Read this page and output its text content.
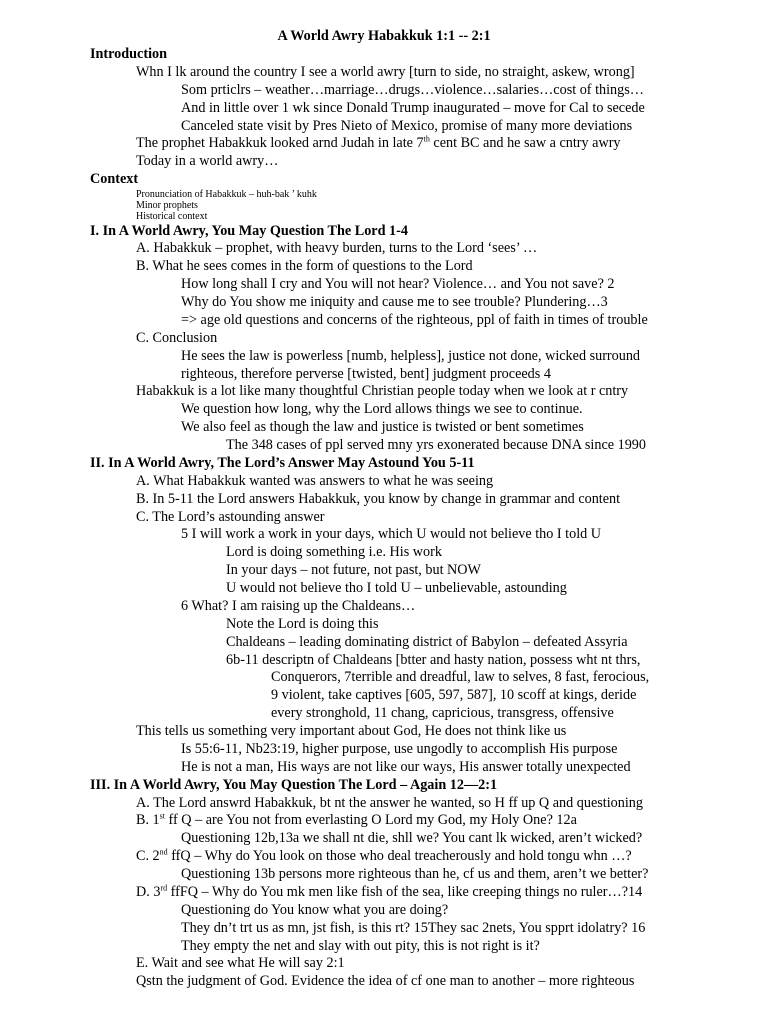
A World Awry Habakkuk 1:1 -- 2:1
Introduction
Whn I lk around the country I see a world awry [turn to side, no straight, askew, wrong]
Som prticlrs – weather…marriage…drugs…violence…salaries…cost of things…
And in little over 1 wk since Donald Trump inaugurated – move for Cal to secede
Canceled state visit by Pres Nieto of Mexico, promise of many more deviations
The prophet Habakkuk looked arnd Judah in late 7th cent BC and he saw a cntry awry
Today in a world awry…
Context
Pronunciation of Habakkuk – huh-bak ’ kuhk
Minor prophets
Historical context
I. In A World Awry, You May Question The Lord 1-4
A. Habakkuk – prophet, with heavy burden, turns to the Lord ‘sees’ …
B. What he sees comes in the form of questions to the Lord
How long shall I cry and You will not hear? Violence… and You not save? 2
Why do You show me iniquity and cause me to see trouble? Plundering…3
=> age old questions and concerns of the righteous, ppl of faith in times of trouble
C. Conclusion
He sees the law is powerless [numb, helpless], justice not done, wicked surround
righteous, therefore perverse [twisted, bent] judgment proceeds 4
Habakkuk is a lot like many thoughtful Christian people today when we look at r cntry
We question how long, why the Lord allows things we see to continue.
We also feel as though the law and justice is twisted or bent sometimes
The 348 cases of ppl served mny yrs exonerated because DNA since 1990
II. In A World Awry, The Lord’s Answer May Astound You 5-11
A. What Habakkuk wanted was answers to what he was seeing
B. In 5-11 the Lord answers Habakkuk, you know by change in grammar and content
C. The Lord’s astounding answer
5 I will work a work in your days, which U would not believe tho I told U
Lord is doing something i.e. His work
In your days – not future, not past, but NOW
U would not believe tho I told U – unbelievable, astounding
6 What? I am raising up the Chaldeans…
Note the Lord is doing this
Chaldeans – leading dominating district of Babylon – defeated Assyria
6b-11 descriptn of Chaldeans [btter and hasty nation, possess wht nt thrs,
Conquerors, 7terrible and dreadful, law to selves, 8 fast, ferocious,
9 violent, take captives [605, 597, 587], 10 scoff at kings, deride
every stronghold, 11 chang, capricious, transgress, offensive
This tells us something very important about God, He does not think like us
Is 55:6-11, Nb23:19, higher purpose, use ungodly to accomplish His purpose
He is not a man, His ways are not like our ways, His answer totally unexpected
III. In A World Awry, You May Question The Lord – Again 12—2:1
A. The Lord answrd Habakkuk, bt nt the answer he wanted, so H ff up Q and questioning
B. 1st ff Q – are You not from everlasting O Lord my God, my Holy One? 12a
Questioning 12b,13a we shall nt die, shll we? You cant lk wicked, aren’t wicked?
C. 2nd ffQ – Why do You look on those who deal treacherously and hold tongu whn …?
Questioning 13b persons more righteous than he, cf us and them, aren’t we better?
D. 3rd ffFQ – Why do You mk men like fish of the sea, like creeping things no ruler…?14
Questioning do You know what you are doing?
They dn’t trt us as mn, jst fish, is this rt? 15They sac 2nets, You spprt idolatry? 16
They empty the net and slay with out pity, this is not right is it?
E. Wait and see what He will say 2:1
Qstn the judgment of God. Evidence the idea of cf one man to another – more righteous
